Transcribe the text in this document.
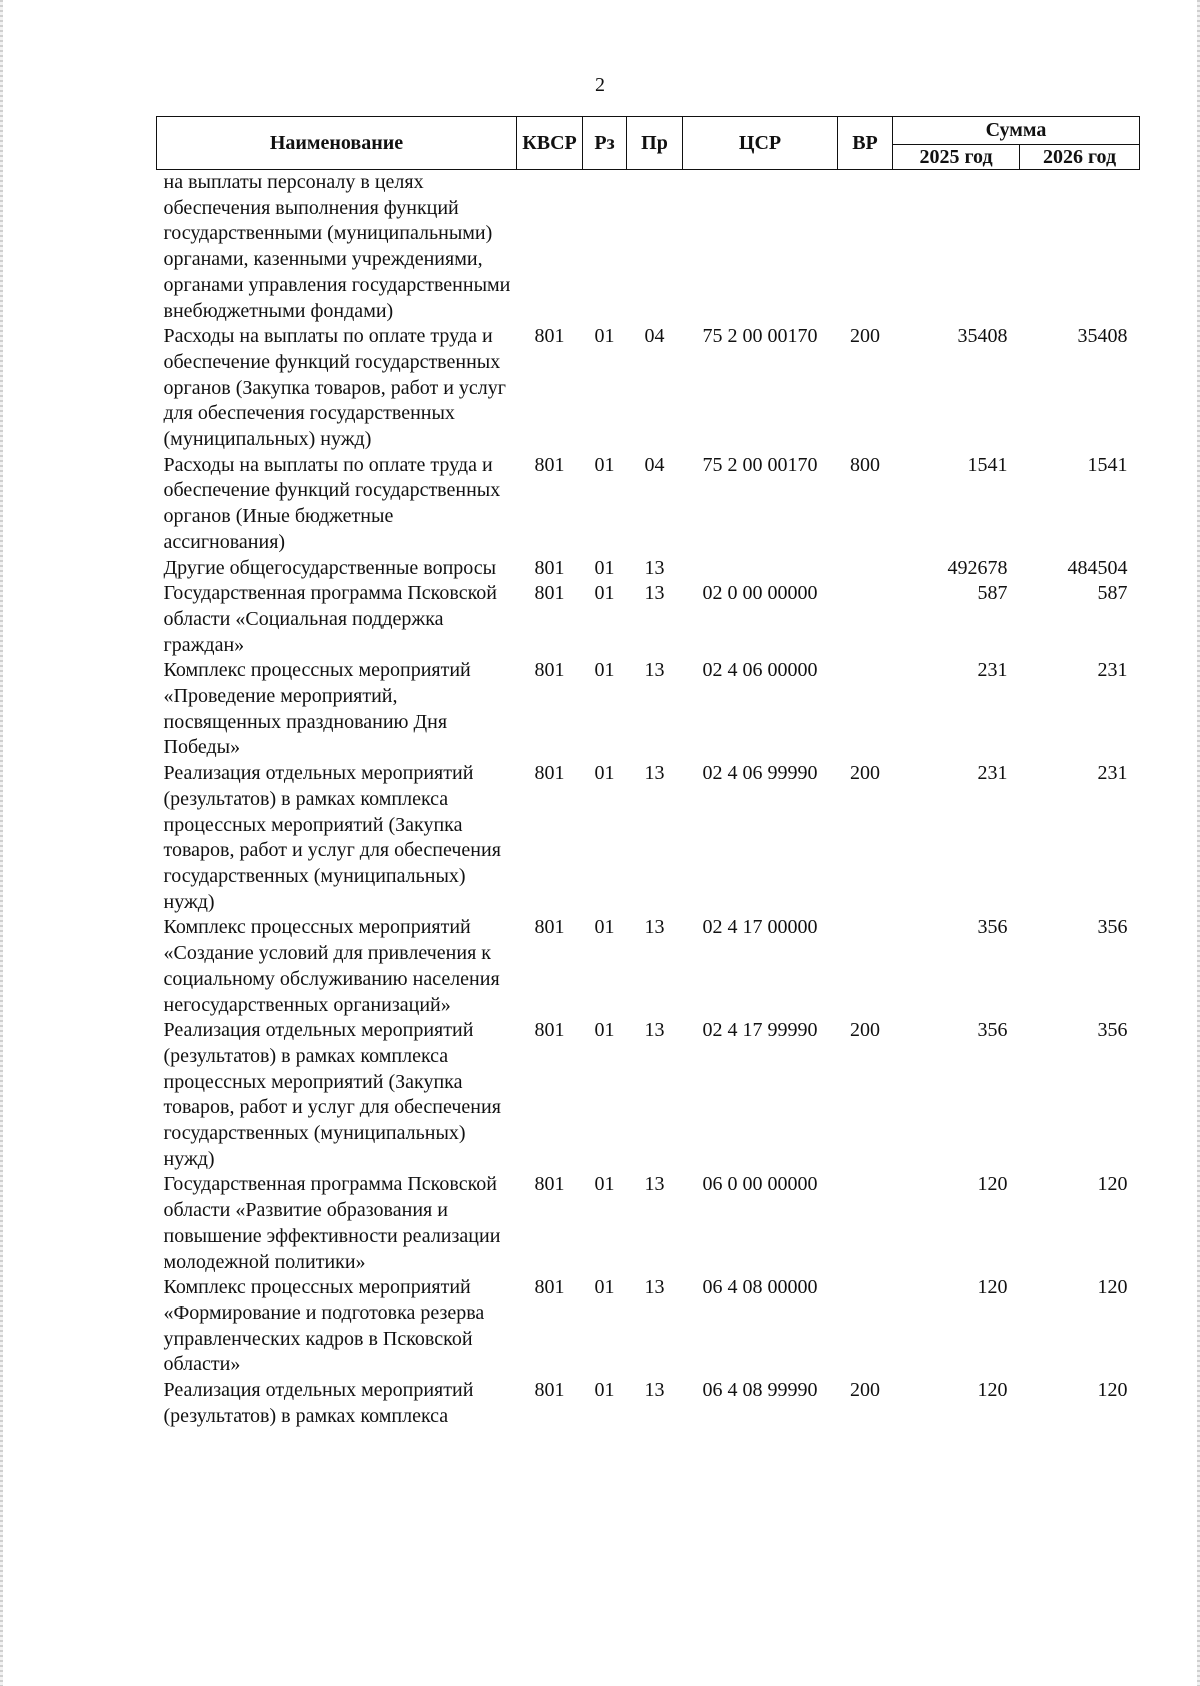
2
Наименование	КВСР	Рз	Пр	ЦСР	ВР	Сумма	
						2025 год	2026 год
на выплаты персоналу в целях обеспечения выполнения функций государственными (муниципальными) органами, казенными учреждениями, органами управления государственными внебюджетными фондами)							
Расходы на выплаты по оплате труда и обеспечение функций государственных органов (Закупка товаров, работ и услуг для обеспечения государственных (муниципальных) нужд)	801	01	04	75 2 00 00170	200	35408	35408
Расходы на выплаты по оплате труда и обеспечение функций государственных органов (Иные бюджетные ассигнования)	801	01	04	75 2 00 00170	800	1541	1541
Другие общегосударственные вопросы	801	01	13			492678	484504
Государственная программа Псковской области «Социальная поддержка граждан»	801	01	13	02 0 00 00000		587	587
Комплекс процессных мероприятий «Проведение мероприятий, посвященных празднованию Дня Победы»	801	01	13	02 4 06 00000		231	231
Реализация отдельных мероприятий (результатов) в рамках комплекса процессных мероприятий (Закупка товаров, работ и услуг для обеспечения государственных (муниципальных) нужд)	801	01	13	02 4 06 99990	200	231	231
Комплекс процессных мероприятий «Создание условий для привлечения к социальному обслуживанию населения негосударственных организаций»	801	01	13	02 4 17 00000		356	356
Реализация отдельных мероприятий (результатов) в рамках комплекса процессных мероприятий (Закупка товаров, работ и услуг для обеспечения государственных (муниципальных) нужд)	801	01	13	02 4 17 99990	200	356	356
Государственная программа Псковской области «Развитие образования и повышение эффективности реализации молодежной политики»	801	01	13	06 0 00 00000		120	120
Комплекс процессных мероприятий «Формирование и подготовка резерва управленческих кадров в Псковской области»	801	01	13	06 4 08 00000		120	120
Реализация отдельных мероприятий (результатов) в рамках комплекса	801	01	13	06 4 08 99990	200	120	120
